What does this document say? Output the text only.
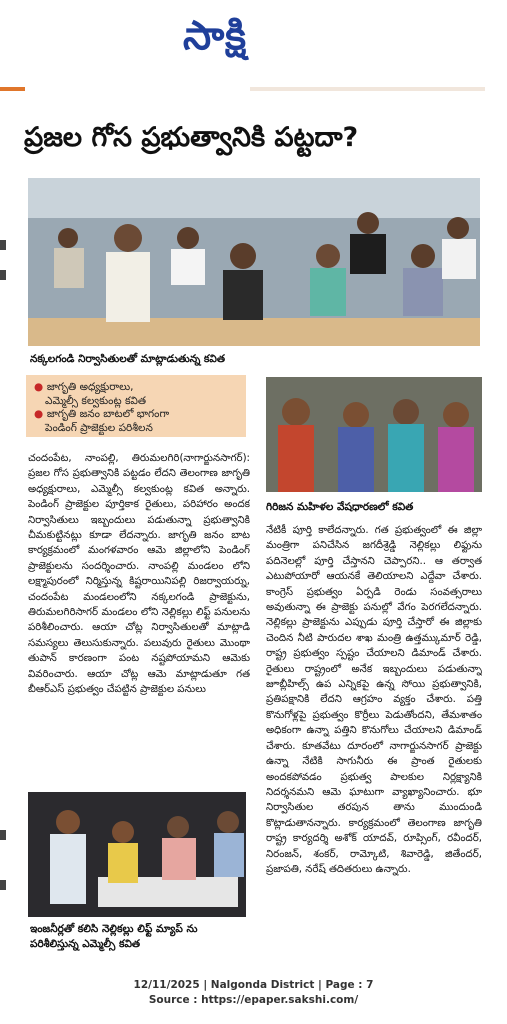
సాక్షి
ప్రజల గోస ప్రభుత్వానికి పట్టదా?
నక్కలగండి నిర్వాసితులతో మాట్లాడుతున్న కవిత
● జాగృతి అధ్యక్షురాలు,
ఎమ్మెల్సీ కల్వకుంట్ల కవిత
● జాగృతి జనం బాటలో భాగంగా
పెండింగ్ ప్రాజెక్టుల పరిశీలన
గిరిజన మహిళల వేషధారణలో కవిత
చందంపేట, నాంపల్లి, తిరుమలగిరి(నాగార్జునసాగర్): ప్రజల గోస ప్రభుత్వానికి పట్టడం లేదని తెలంగాణ జాగృతి అధ్యక్షురాలు, ఎమ్మెల్సీ కల్వకుంట్ల కవిత అన్నారు. పెండింగ్ ప్రాజెక్టుల పూర్తికాక రైతులు, పరిహారం అందక నిర్వాసితులు ఇబ్బందులు పడుతున్నా ప్రభుత్వానికి చీమకుట్టినట్లు కూడా లేదన్నారు. జాగృతి జనం బాట కార్యక్రమంలో మంగళవారం ఆమె జిల్లాలోని పెండింగ్ ప్రాజెక్టులను సందర్శించారు. నాంపల్లి మండలం లోని లక్ష్మాపురంలో నిర్మిస్తున్న కిష్టరాయినిపల్లి రిజర్వాయర్ను, చందంపేట మండలంలోని నక్కలగండి ప్రాజెక్టును, తిరుమలగిరిసాగర్ మండలం లోని నెల్లికల్లు లిఫ్ట్ పనులను పరిశీలించారు. ఆయా చోట్ల నిర్వాసితులతో మాట్లాడి సమస్యలు తెలుసుకున్నారు. పలువురు రైతులు మొంథా తుపాన్ కారణంగా పంట నష్టపోయామని ఆమెకు వివరించారు. ఆయా చోట్ల ఆమె మాట్లాడుతూ గత బీఆర్ఎస్ ప్రభుత్వం చేపట్టిన ప్రాజెక్టుల పనులు
నేటికీ పూర్తి కాలేదన్నారు. గత ప్రభుత్వంలో ఈ జిల్లా మంత్రిగా పనిచేసిన జగదీశ్రెడ్డి నెల్లికల్లు లిఫ్టును పదినెలల్లో పూర్తి చేస్తానని చెప్పారని.. ఆ తర్వాత ఎటుపోయారో ఆయనకే తెలియాలని ఎద్దేవా చేశారు. కాంగ్రెస్ ప్రభుత్వం ఏర్పడి రెండు సంవత్సరాలు అవుతున్నా ఈ ప్రాజెక్టు పనుల్లో వేగం పెరగలేదన్నారు. నెల్లికల్లు ప్రాజెక్టును ఎప్పుడు పూర్తి చేస్తారో ఈ జిల్లాకు చెందిన నీటి పారుదల శాఖ మంత్రి ఉత్తమ్కుమార్ రెడ్డి, రాష్ట్ర ప్రభుత్వం స్పష్టం చేయాలని డిమాండ్ చేశారు. రైతులు రాష్ట్రంలో అనేక ఇబ్బందులు పడుతున్నా జూబ్లీహిల్స్ ఉప ఎన్నికపై ఉన్న సోయి ప్రభుత్వానికి, ప్రతిపక్షానికి లేదని ఆగ్రహం వ్యక్తం చేశారు. పత్తి కొనుగోళ్లపై ప్రభుత్వం కొర్రీలు పెడుతోందని, తేమశాతం అధికంగా ఉన్నా పత్తిని కొనుగోలు చేయాలని డిమాండ్ చేశారు. కూతవేటు దూరంలో నాగార్జునసాగర్ ప్రాజెక్టు ఉన్నా నేటికి సాగునీరు ఈ ప్రాంత రైతులకు అందకపోవడం ప్రభుత్వ పాలకుల నిర్లక్ష్యానికి నిదర్శనమని ఆమె ఘాటుగా వ్యాఖ్యానించారు. భూ నిర్వాసితుల తరపున తాను ముందుండి కొట్లాడుతానన్నారు. కార్యక్రమంలో తెలంగాణ జాగృతి రాష్ట్ర కార్యదర్శి అశోక్ యాదవ్, రూప్సింగ్, రవీందర్, నిరంజన్, శంకర్, రామ్కోటి, శివారెడ్డి, జితేందర్, ప్రజాపతి, నరేష్ తదితరులు ఉన్నారు.
ఇంజనీర్లతో కలిసి నెల్లికల్లు లిఫ్ట్ మ్యాప్ ను
పరిశీలిస్తున్న ఎమ్మెల్సీ కవిత
12/11/2025 | Nalgonda District | Page : 7
Source : https://epaper.sakshi.com/
